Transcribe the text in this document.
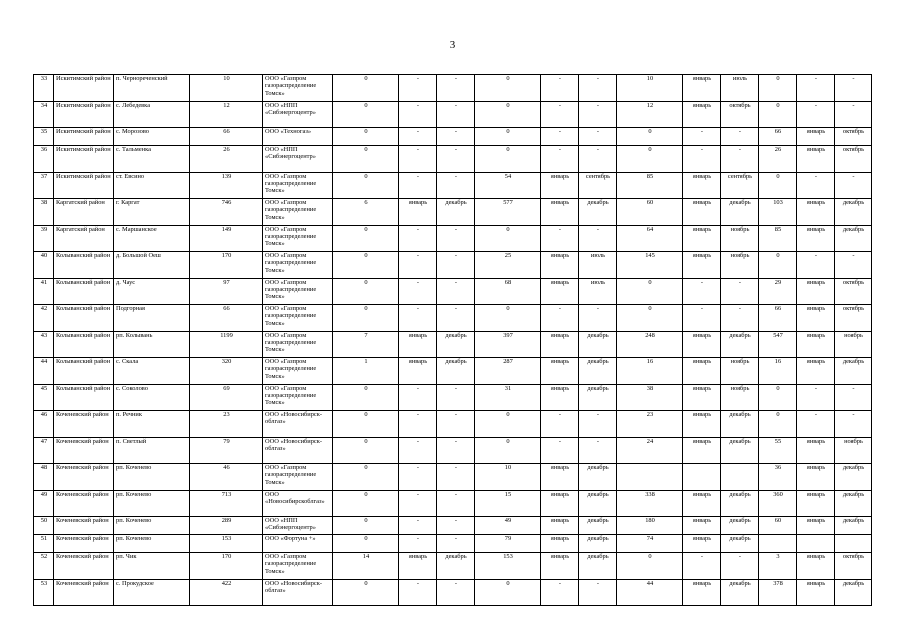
3
33	Искитимский район	п. Чернореченский	10	ООО «Газпром газораспределение Томск»	0	-	-	0	-	-	10	январь	июль	0	-	-
34	Искитимский район	с. Лебедевка	12	ООО «НПП «Сибэнергоцентр»	0	-	-	0	-	-	12	январь	октябрь	0	-	-
35	Искитимский район	с. Морозово	66	ООО «Техногаз»	0	-	-	0	-	-	0	-	-	66	январь	октябрь
36	Искитимский район	с. Тальменка	26	ООО «НПП «Сибэнергоцентр»	0	-	-	0	-	-	0	-	-	26	январь	октябрь
37	Искитимский район	ст. Евсино	139	ООО «Газпром газораспределение Томск»	0	-	-	54	январь	сентябрь	85	январь	сентябрь	0	-	-
38	Каргатский район	г. Каргат	746	ООО «Газпром газораспределение Томск»	6	январь	декабрь	577	январь	декабрь	60	январь	декабрь	103	январь	декабрь
39	Каргатский район	с. Маршанское	149	ООО «Газпром газораспределение Томск»	0	-	-	0	-	-	64	январь	ноябрь	85	январь	декабрь
40	Колыванский район	д. Большой Оеш	170	ООО «Газпром газораспределение Томск»	0	-	-	25	январь	июль	145	январь	ноябрь	0	-	-
41	Колыванский район	д. Чаус	97	ООО «Газпром газораспределение Томск»	0	-	-	68	январь	июль	0	-	-	29	январь	октябрь
42	Колыванский район	Подгорная	66	ООО «Газпром газораспределение Томск»	0	-	-	0	-	-	0	-	-	66	январь	октябрь
43	Колыванский район	рп. Колывань	1199	ООО «Газпром газораспределение Томск»	7	январь	декабрь	397	январь	декабрь	248	январь	декабрь	547	январь	ноябрь
44	Колыванский район	с. Скала	320	ООО «Газпром газораспределение Томск»	1	январь	декабрь	287	январь	декабрь	16	январь	ноябрь	16	январь	декабрь
45	Колыванский район	с. Соколово	69	ООО «Газпром газораспределение Томск»	0	-	-	31	январь	декабрь	38	январь	ноябрь	0	-	-
46	Коченевский район	п. Речник	23	ООО «Новосибирск-облгаз»	0	-	-	0	-	-	23	январь	декабрь	0	-	-
47	Коченевский район	п. Светлый	79	ООО «Новосибирск-облгаз»	0	-	-	0	-	-	24	январь	декабрь	55	январь	ноябрь
48	Коченевский район	рп. Коченево	46	ООО «Газпром газораспределение Томск»	0	-	-	10	январь	декабрь				36	январь	декабрь
49	Коченевский район	рп. Коченево	713	ООО «Новосибирскоблгаз»	0	-	-	15	январь	декабрь	338	январь	декабрь	360	январь	декабрь
50	Коченевский район	рп. Коченево	289	ООО «НПП «Сибэнергоцентр»	0	-	-	49	январь	декабрь	180	январь	декабрь	60	январь	декабрь
51	Коченевский район	рп. Коченево	153	ООО «Фортуна +»	0	-	-	79	январь	декабрь	74	январь	декабрь			
52	Коченевский район	рп. Чик	170	ООО «Газпром газораспределение Томск»	14	январь	декабрь	153	январь	декабрь	0	-	-	3	январь	октябрь
53	Коченевский район	с. Прокудское	422	ООО «Новосибирск-облгаз»	0	-	-	0	-	-	44	январь	декабрь	378	январь	декабрь
